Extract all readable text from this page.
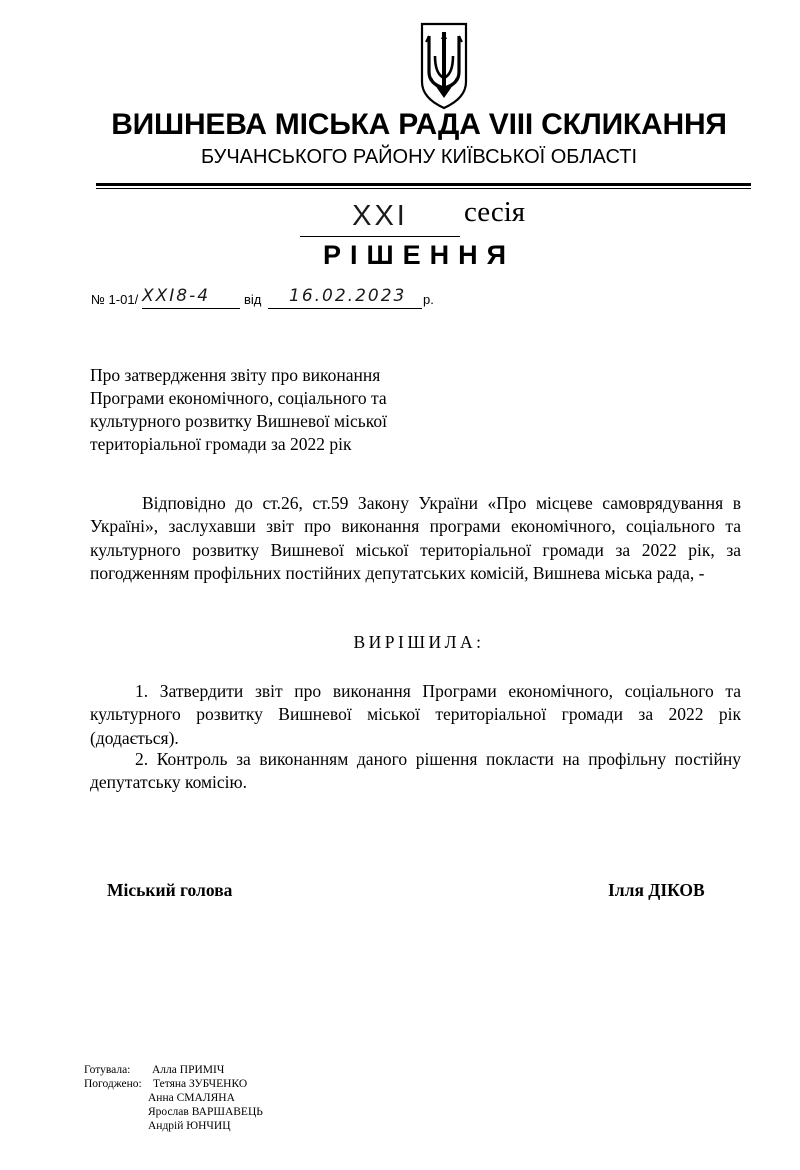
ВИШНЕВА МІСЬКА РАДА VIII СКЛИКАННЯ
БУЧАНСЬКОГО РАЙОНУ КИЇВСЬКОЇ ОБЛАСТІ
XXI	сесія
РІШЕННЯ
№ 1-01/ XXI8-4	від 16.02.2023 р.
Про затвердження звіту про виконання Програми економічного, соціального та культурного розвитку Вишневої міської територіальної громади за 2022 рік
Відповідно до ст.26, ст.59 Закону України «Про місцеве самоврядування в Україні», заслухавши звіт про виконання програми економічного, соціального та культурного розвитку Вишневої міської територіальної громади за 2022 рік, за погодженням профільних постійних депутатських комісій, Вишнева міська рада, -
ВИРІШИЛА:
1. Затвердити звіт про виконання Програми економічного, соціального та культурного розвитку Вишневої міської територіальної громади за 2022 рік (додається).
2. Контроль за виконанням даного рішення покласти на профільну постійну депутатську комісію.
Міський голова	Ілля ДІКОВ
Готувала: Алла ПРИМІЧ
Погоджено: Тетяна ЗУБЧЕНКО
Анна СМАЛЯНА
Ярослав ВАРШАВЕЦЬ
Андрій ЮНЧИЦ
